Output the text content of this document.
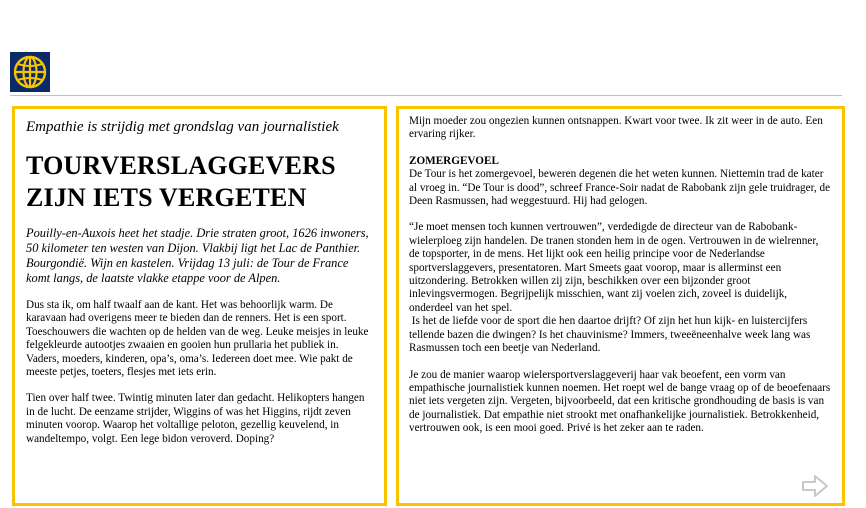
Empathie is strijdig met grondslag van journalistiek

TOURVERSLAGGEVERS
ZIJN IETS VERGETEN

Pouilly-en-Auxois heet het stadje. Drie straten groot, 1626 inwoners, 50 kilometer ten westen van Dijon. Vlakbij ligt het Lac de Panthier. Bourgondië. Wijn en kastelen. Vrijdag 13 juli: de Tour de France komt langs, de laatste vlakke etappe voor de Alpen.

Dus sta ik, om half twaalf aan de kant. Het was behoorlijk warm. De karavaan had overigens meer te bieden dan de renners. Het is een sport. Toeschouwers die wachten op de helden van de weg. Leuke meisjes in leuke felgekleurde autootjes zwaaien en gooien hun prullaria het publiek in. Vaders, moeders, kinderen, opa’s, oma’s. Iedereen doet mee. Wie pakt de meeste petjes, toeters, flesjes met iets erin.

Tien over half twee. Twintig minuten later dan gedacht. Helikopters hangen in de lucht. De eenzame strijder, Wiggins of was het Higgins, rijdt zeven minuten voorop. Waarop het voltallige peloton, gezellig keuvelend, in wandeltempo, volgt. Een lege bidon veroverd. Doping?

Mijn moeder zou ongezien kunnen ontsnappen. Kwart voor twee. Ik zit weer in de auto. Een ervaring rijker.

ZOMERGEVOEL

De Tour is het zomergevoel, beweren degenen die het weten kunnen. Niettemin trad de kater al vroeg in. “De Tour is dood”, schreef France-Soir nadat de Rabobank zijn gele truidrager, de Deen Rasmussen, had weggestuurd. Hij had gelogen.

“Je moet mensen toch kunnen vertrouwen”, verdedigde de directeur van de Rabobank-wielerploeg zijn handelen. De tranen stonden hem in de ogen. Vertrouwen in de wielrenner, de topsporter, in de mens. Het lijkt ook een heilig principe voor de Nederlandse sportverslaggevers, presentatoren. Mart Smeets gaat voorop, maar is allerminst een uitzondering. Betrokken willen zij zijn, beschikken over een bijzonder groot inlevingsvermogen. Begrijpelijk misschien, want zij voelen zich, zoveel is duidelijk, onderdeel van het spel.

Is het de liefde voor de sport die hen daartoe drijft? Of zijn het hun kijk- en luistercijfers tellende bazen die dwingen? Is het chauvinisme? Immers, tweeëneenhalve week lang was Rasmussen toch een beetje van Nederland.

Je zou de manier waarop wielersportverslaggeverij haar vak beoefent, een vorm van empathische journalistiek kunnen noemen. Het roept wel de bange vraag op of de beoefenaars niet iets vergeten zijn. Vergeten, bijvoorbeeld, dat een kritische grondhouding de basis is van de journalistiek. Dat empathie niet strookt met onafhankelijke journalistiek. Betrokkenheid, vertrouwen ook, is een mooi goed. Privé is het zeker aan te raden.
